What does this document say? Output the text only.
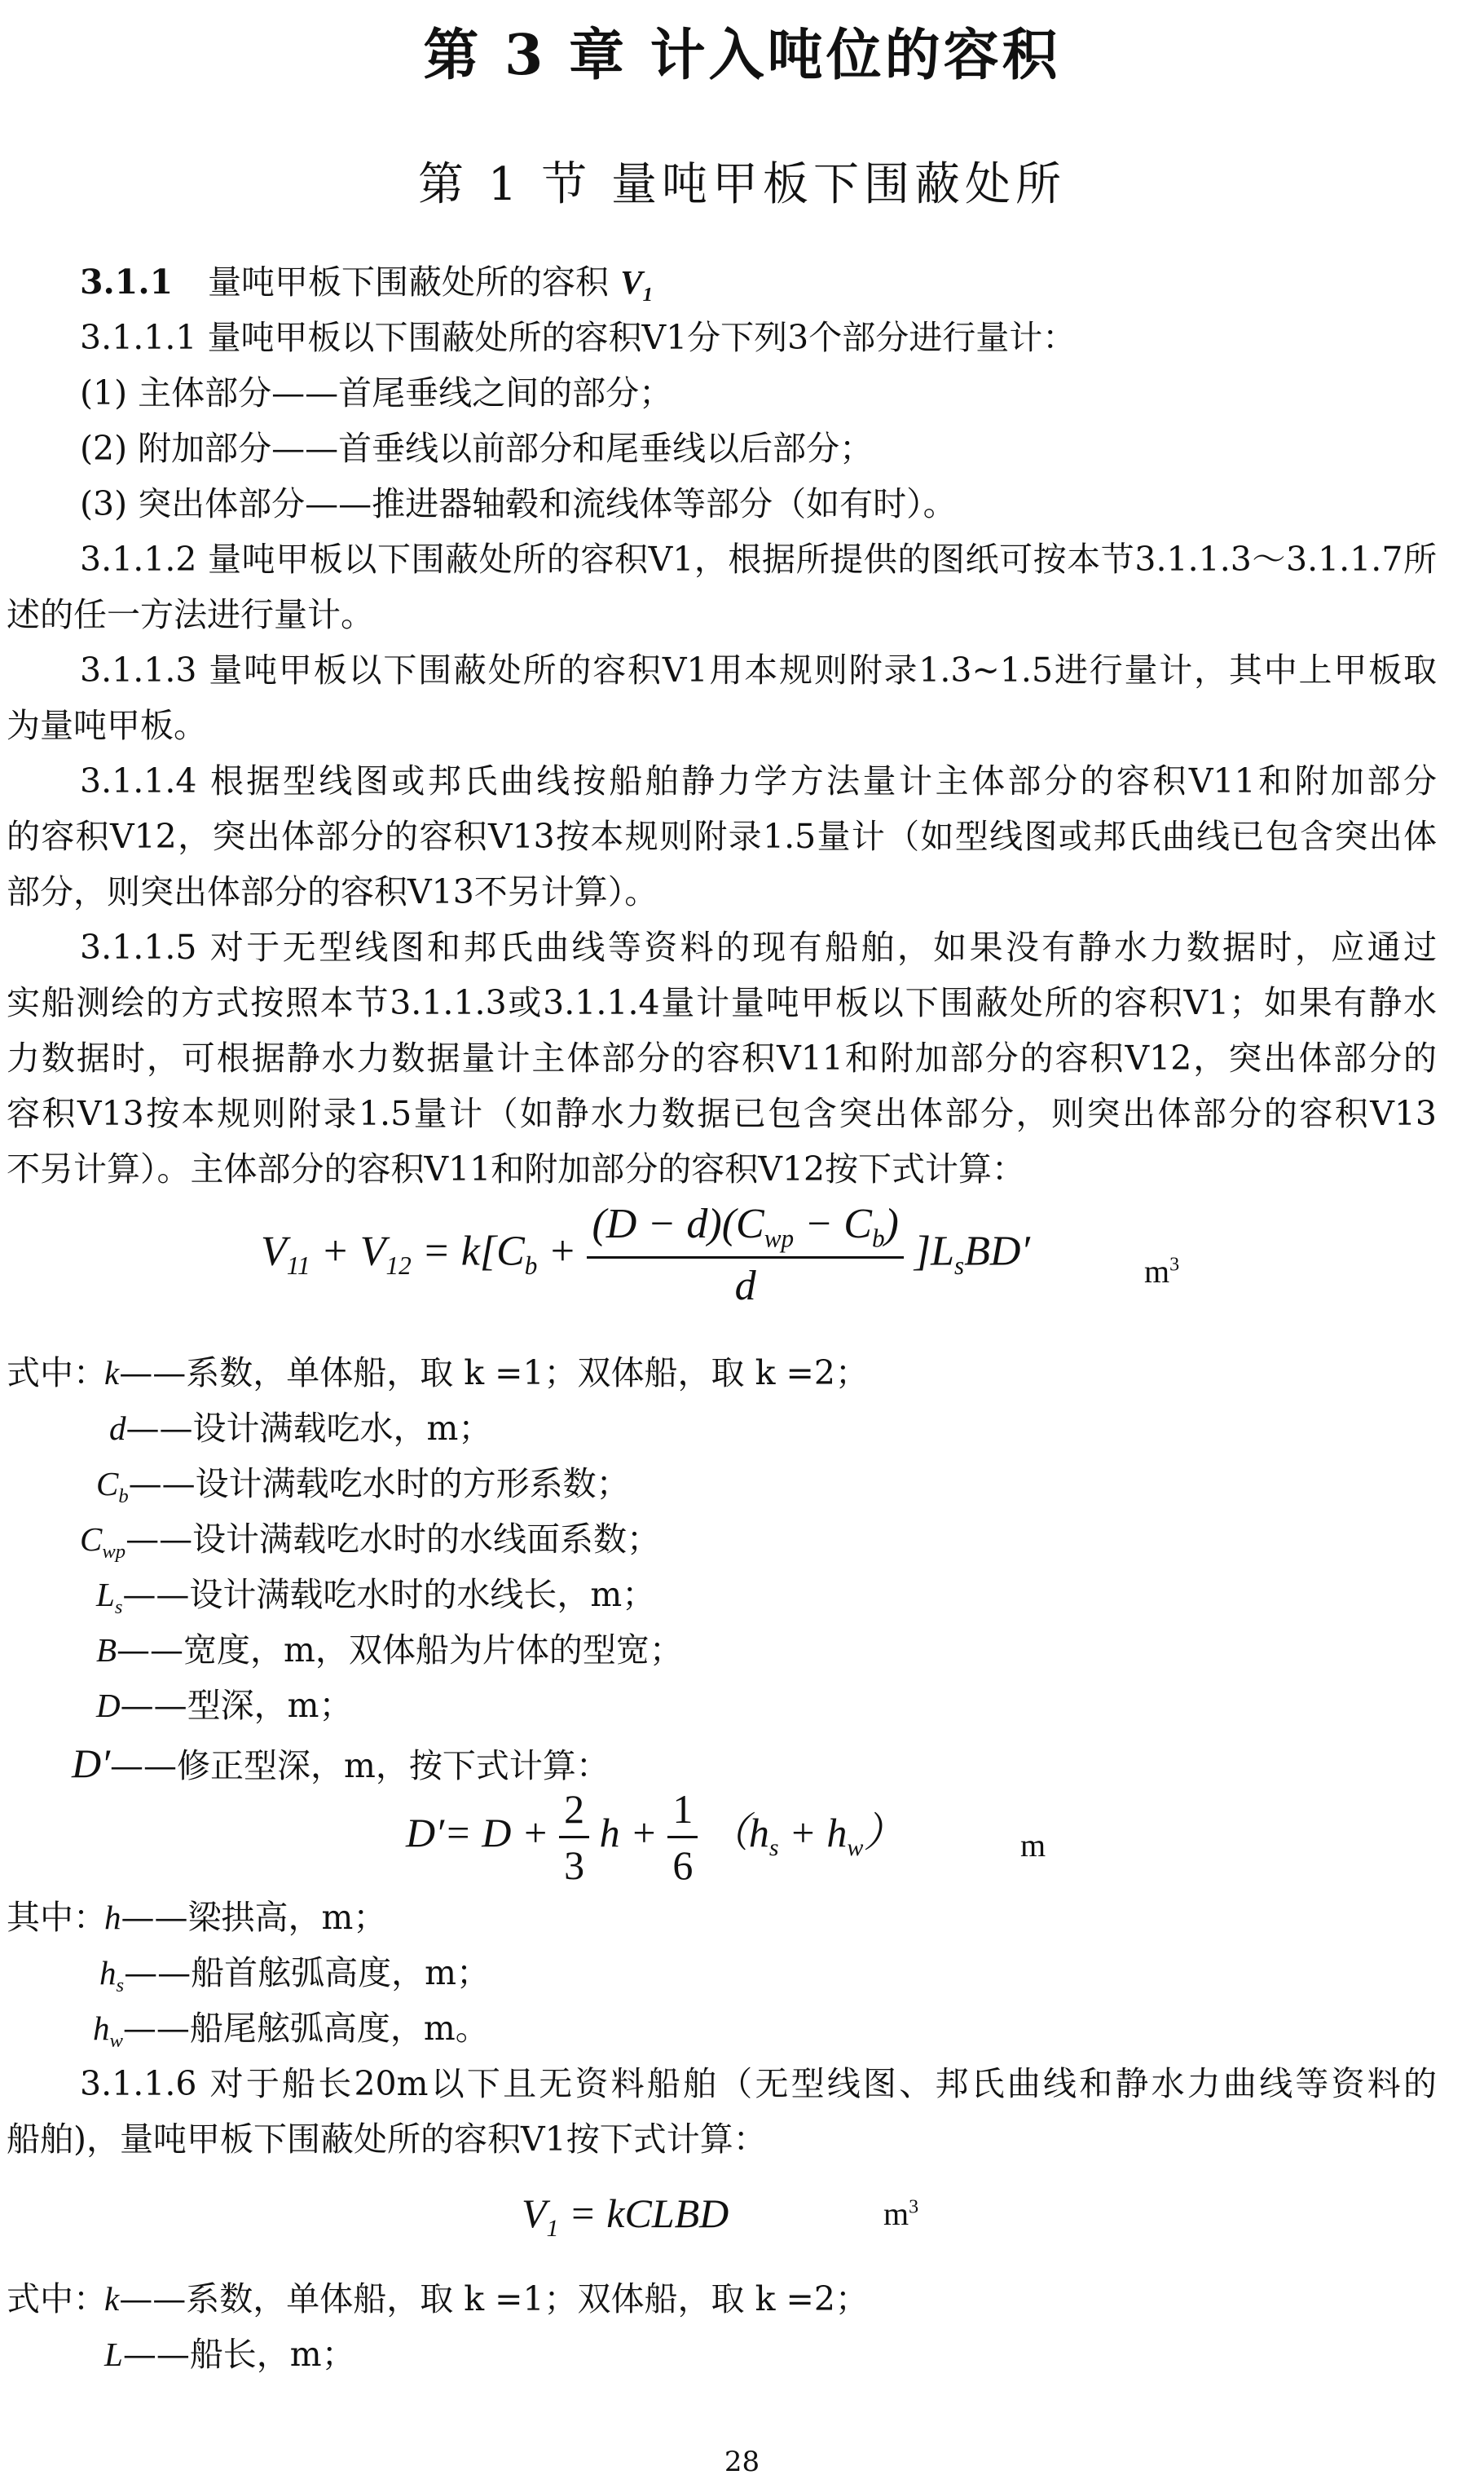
第 3 章 计入吨位的容积
第 1 节 量吨甲板下围蔽处所
3.1.1 量吨甲板下围蔽处所的容积 $V_1$
3.1.1.1 量吨甲板以下围蔽处所的容积V1分下列3个部分进行量计：
(1) 主体部分——首尾垂线之间的部分；
(2) 附加部分——首垂线以前部分和尾垂线以后部分；
(3) 突出体部分——推进器轴毂和流线体等部分（如有时）。
3.1.1.2 量吨甲板以下围蔽处所的容积V1，根据所提供的图纸可按本节3.1.1.3～3.1.1.7所
述的任一方法进行量计。
3.1.1.3 量吨甲板以下围蔽处所的容积V1用本规则附录1.3~1.5进行量计，其中上甲板取
为量吨甲板。
3.1.1.4 根据型线图或邦氏曲线按船舶静力学方法量计主体部分的容积V11和附加部分
的容积V12，突出体部分的容积V13按本规则附录1.5量计（如型线图或邦氏曲线已包含突出体
部分，则突出体部分的容积V13不另计算）。
3.1.1.5 对于无型线图和邦氏曲线等资料的现有船舶，如果没有静水力数据时，应通过
实船测绘的方式按照本节3.1.1.3或3.1.1.4量计量吨甲板以下围蔽处所的容积V1；如果有静水
力数据时，可根据静水力数据量计主体部分的容积V11和附加部分的容积V12，突出体部分的
容积V13按本规则附录1.5量计（如静水力数据已包含突出体部分，则突出体部分的容积V13
不另计算）。主体部分的容积V11和附加部分的容积V12按下式计算：
$V_{11} + V_{12} = k[C_b + \frac{(D - d)(C_{wp} - C_b)}{d} ]L_sBD'$	$m^3$
式中：
k——系数，单体船，取 k =1；双体船，取 k =2；
d——设计满载吃水，m；
$C_b——$设计满载吃水时的方形系数；
$C_{wp}——$设计满载吃水时的水线面系数；
$L_s——$设计满载吃水时的水线长，m；
B——宽度，m，双体船为片体的型宽；
D——型深，m；
D′——修正型深，m，按下式计算：
$D'= D + \frac{2}{3}$ $h + \frac{1}{6} (h_s + h_w)$	m
其中：
h——梁拱高，m；
$h_s——$船首舷弧高度，m；
$h_w——$船尾舷弧高度，m。
3.1.1.6 对于船长20m以下且无资料船舶（无型线图、邦氏曲线和静水力曲线等资料的
船舶)，量吨甲板下围蔽处所的容积V1按下式计算：
$V_1$ = kCLBD	$m^3$
式中：
k——系数，单体船，取 k =1；双体船，取 k =2；
L——船长，m；
28
